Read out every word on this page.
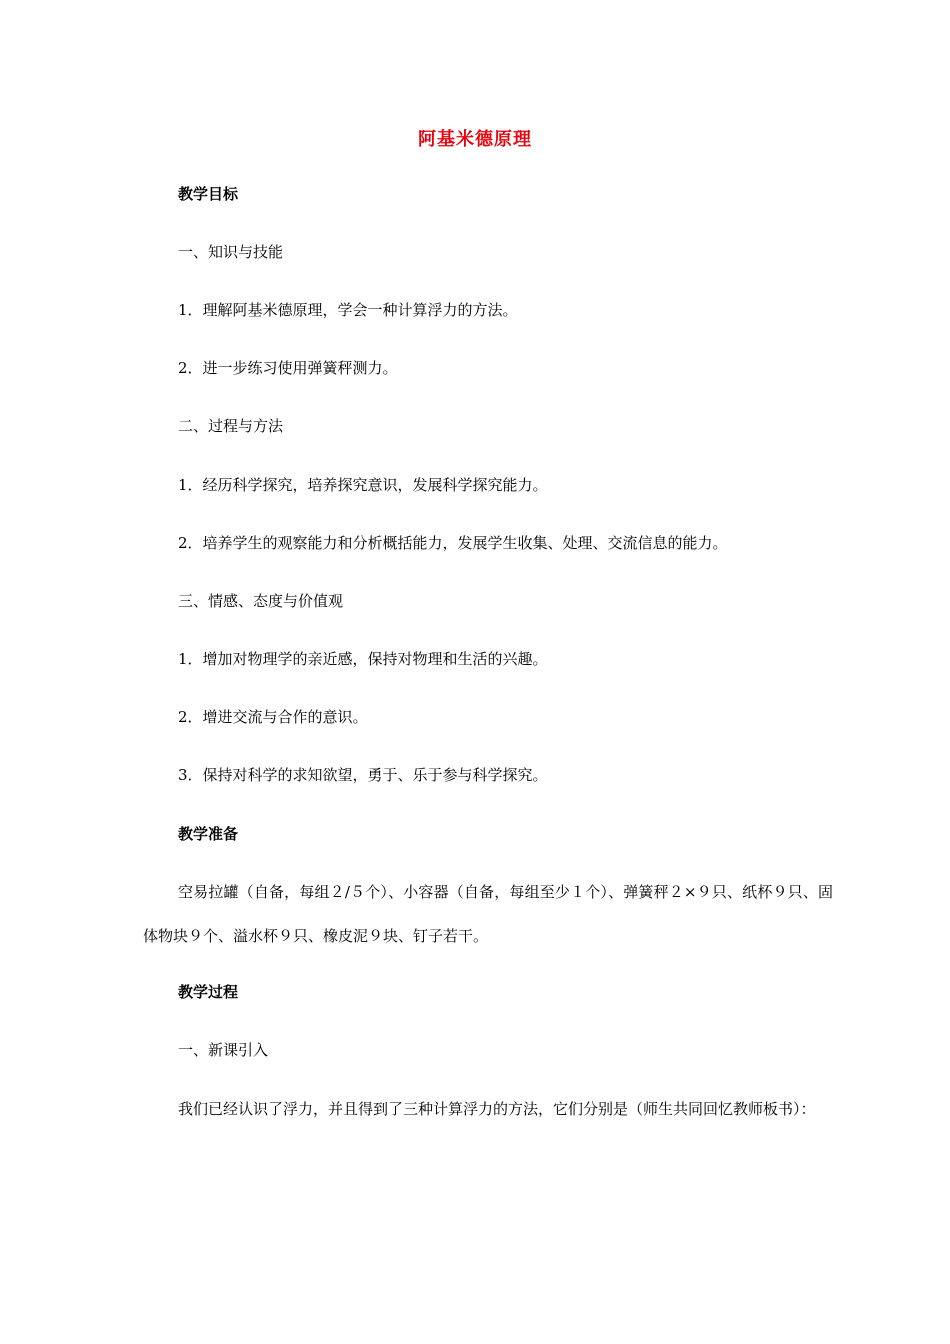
阿基米德原理
教学目标
一、知识与技能
1．理解阿基米德原理，学会一种计算浮力的方法。
2．进一步练习使用弹簧秤测力。
二、过程与方法
1．经历科学探究，培养探究意识，发展科学探究能力。
2．培养学生的观察能力和分析概括能力，发展学生收集、处理、交流信息的能力。
三、情感、态度与价值观
1．增加对物理学的亲近感，保持对物理和生活的兴趣。
2．增进交流与合作的意识。
3．保持对科学的求知欲望，勇于、乐于参与科学探究。
教学准备
空易拉罐（自备，每组２/５个）、小容器（自备，每组至少１个）、弹簧秤２×９只、纸杯９只、固体物块９个、溢水杯９只、橡皮泥９块、钉子若干。
教学过程
一、新课引入
我们已经认识了浮力，并且得到了三种计算浮力的方法，它们分别是（师生共同回忆教师板书）：
